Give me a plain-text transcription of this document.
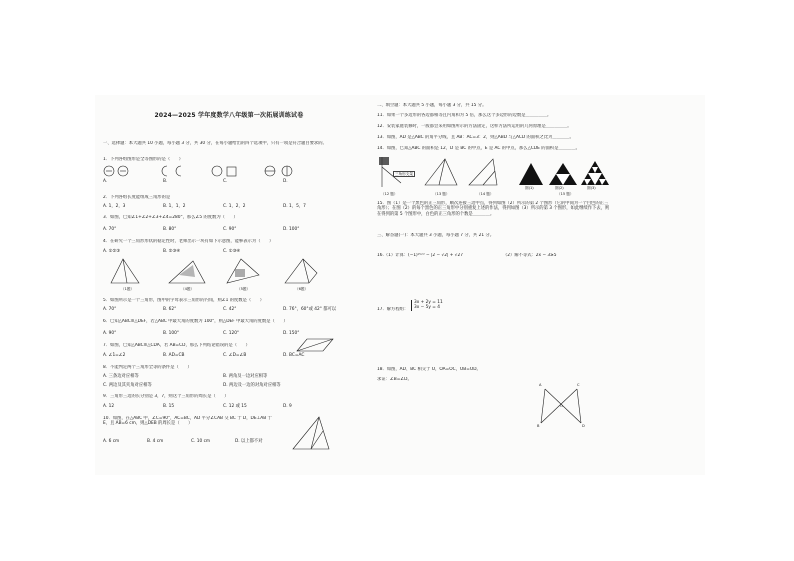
2024—2025 学年度数学八年级第一次拓展训练试卷
一、选择题：本大题共 10 小题，每小题 3 分，共 30 分，在每小题给出的四个选项中，只有一项是符合题目要求的。
1．下列各组图形是全等图形的是（　　）
A.	B.	C.	D.
2．下列各组长度能组成三角形的是
A. 1，2，3	B. 1，1，2	C. 1，2，2	D. 1，5，7
3．如图，已知∠1+∠2+∠3+∠4=280°，那么∠5 的度数为（　　）
A. 70°	B. 80°	C. 90°	D. 100°
4．在研究一个三角形形状的稳定性时，老师出示一块有如下示意图，能够表示为（　　）
A. ①②③	B. ②③④	C. ①③④
（1题）	（4题）	（5题）	（6题）
5．如图所示是一个三角形，图中的字母表示三角形的内角，则∠1 的度数是（　　）
A. 70°	B. 62°	C. 42°	D. 76°，60°或 42° 都可以
6．已知△ABC≌△DEF，若△ABC 中最大角的度数为 100°，则△DEF 中最大角的度数是（　　）
A. 90°	B. 100°	C. 120°	D. 150°
7．如图，已知△ABC≌△CDA，若 AB=CD，那么下列结论错误的是（　　）
A. ∠1=∠2	B. AD=CB	C. ∠D=∠B	D. BC=AC
8．不能判定两个三角形全等的条件是（　　）
A. 三条边对应相等	B. 两角及一边对应相等
C. 两边及其夹角对应相等	D. 两边及一边的对角对应相等
9．三角形三边的长分别是 3，7，则这个三角形的周长是（　　）
A. 12	B. 15	C. 12 或 15	D. 9
10．如图，在△ABC 中，∠C=90°，AC=BC，AD 平分∠CAB 交 BC 于 D，DE⊥AB 于 E，且 AB=6 cm，则△DEB 的周长是（　　）
A. 6 cm	B. 4 cm	C. 10 cm	D. 以上都不对
二、填空题：本大题共 5 小题，每小题 3 分，共 15 分。
11．如果一个多边形的各边都相等且内角和为 5 倍，那么这个多边形的边数是＿＿＿＿＿。
12．安装家庭装修时，一般都会采用如图所示的方法固定，这样方法所运用的几何原理是＿＿＿＿＿。
13．如图，AD 是△ABC 的角平分线，且 AB：AC=3：2，则△ABD 与△ACD 的面积之比为＿＿＿＿。
14．如图，已知△ABC 的面积是 12，D 是 BC 的中点，E 是 AC 的中点，那么△CDE 的面积是＿＿＿＿。
三角形支架
图(1)	图(2)	图(3)
（12 题）	（13 题）	（14 题）	（15 题）
15．图（1）是一个黑色的正三角形，顺次连接三边中点，得到如图（2）所示的第 2 个图形（它的中间为一个白色的正三角形）；在图（2）的每个黑色的正三角形中分别重复上述的作法，得到如图（3）所示的第 3 个图形，如此继续作下去，则在得到的第 5 个图形中，白色的正三角形的个数是＿＿＿＿。
三、解答题(一)：本大题共 3 小题，每小题 7 分，共 21 分。
16.（1）计算：(−1)²⁰²³ − |2 − √2| + √27	（2）解不等式：2x − 3≥5
17．解方程组：
3x + 2y = 11
3x − 5y = 4
18．如图，AD、BC 相交于 O，OA=OC，OB=OD。
求证：∠B=∠D。
A	C
O
B	D
